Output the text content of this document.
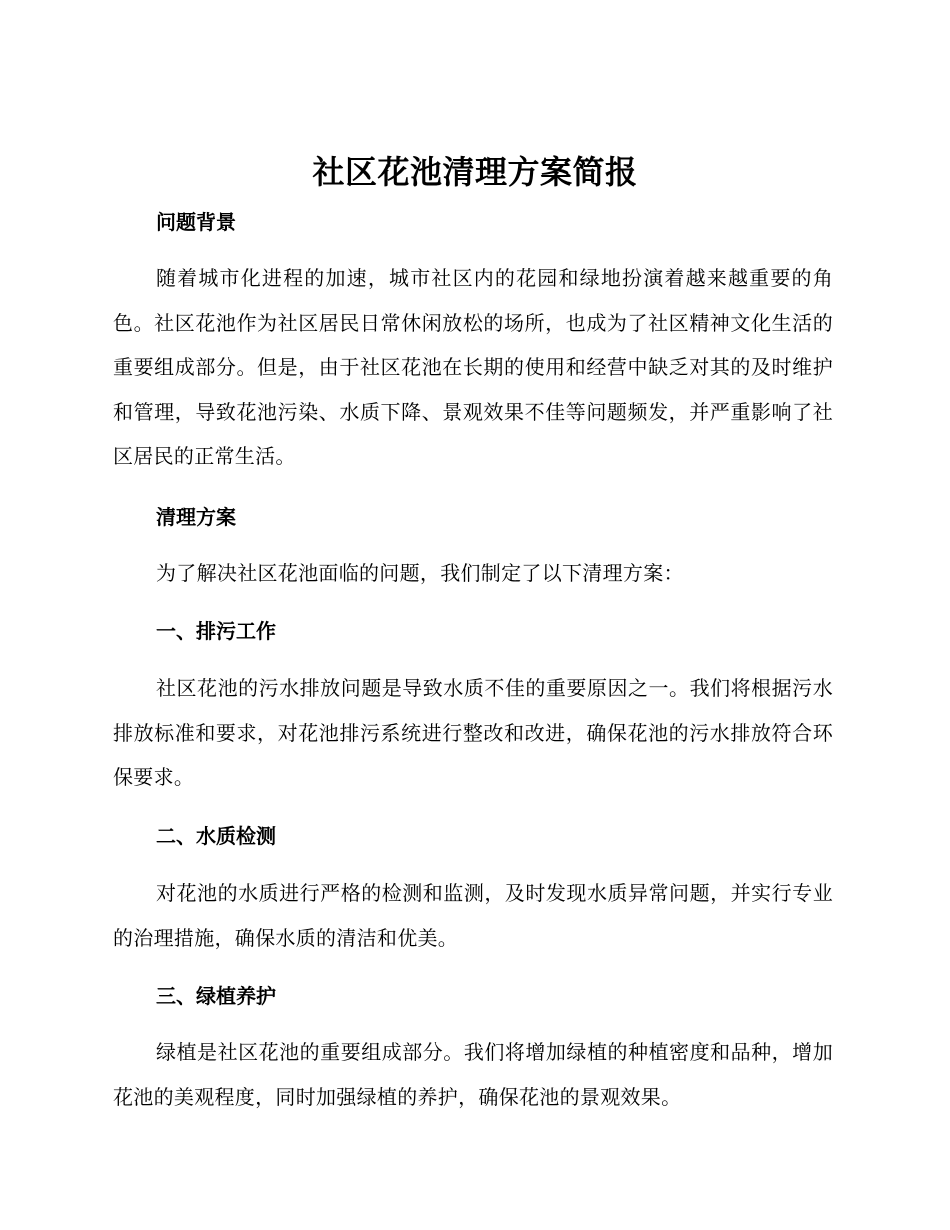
社区花池清理方案简报
问题背景
随着城市化进程的加速，城市社区内的花园和绿地扮演着越来越重要的角色。社区花池作为社区居民日常休闲放松的场所，也成为了社区精神文化生活的重要组成部分。但是，由于社区花池在长期的使用和经营中缺乏对其的及时维护和管理，导致花池污染、水质下降、景观效果不佳等问题频发，并严重影响了社区居民的正常生活。
清理方案
为了解决社区花池面临的问题，我们制定了以下清理方案：
一、排污工作
社区花池的污水排放问题是导致水质不佳的重要原因之一。我们将根据污水排放标准和要求，对花池排污系统进行整改和改进，确保花池的污水排放符合环保要求。
二、水质检测
对花池的水质进行严格的检测和监测，及时发现水质异常问题，并实行专业的治理措施，确保水质的清洁和优美。
三、绿植养护
绿植是社区花池的重要组成部分。我们将增加绿植的种植密度和品种，增加花池的美观程度，同时加强绿植的养护，确保花池的景观效果。
